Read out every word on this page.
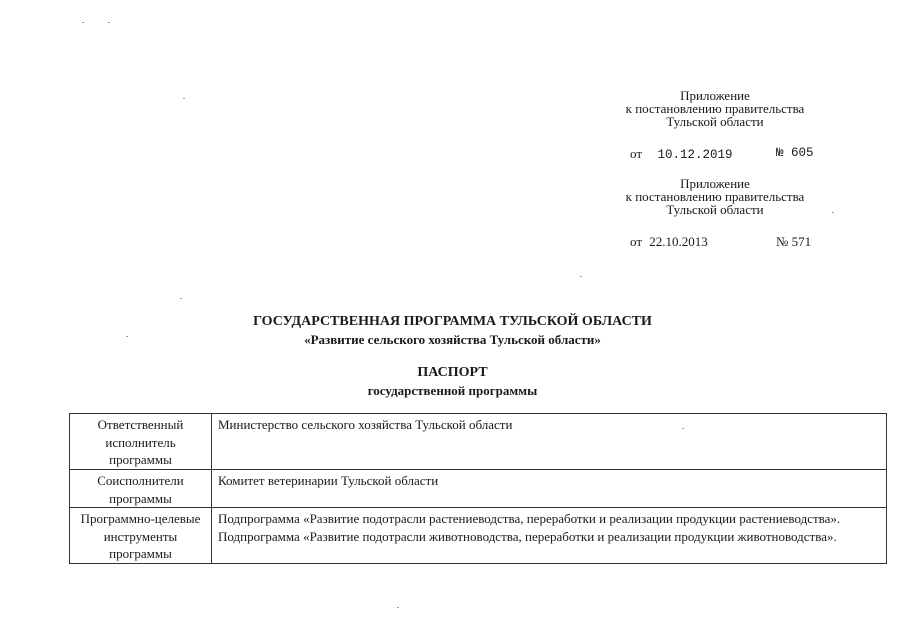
Приложение
к постановлению правительства
Тульской области
от 10.12.2019	№ 605
Приложение
к постановлению правительства
Тульской области
от 22.10.2013	№ 571
ГОСУДАРСТВЕННАЯ ПРОГРАММА ТУЛЬСКОЙ ОБЛАСТИ
«Развитие сельского хозяйства Тульской области»
ПАСПОРТ
государственной программы
Ответственный исполнитель программы	Министерство сельского хозяйства Тульской области
Соисполнители программы	Комитет ветеринарии Тульской области
Программно-целевые инструменты программы	Подпрограмма «Развитие подотрасли растениеводства, переработки и реализации продукции растениеводства».
Подпрограмма «Развитие подотрасли животноводства, переработки и реализации продукции животноводства».
